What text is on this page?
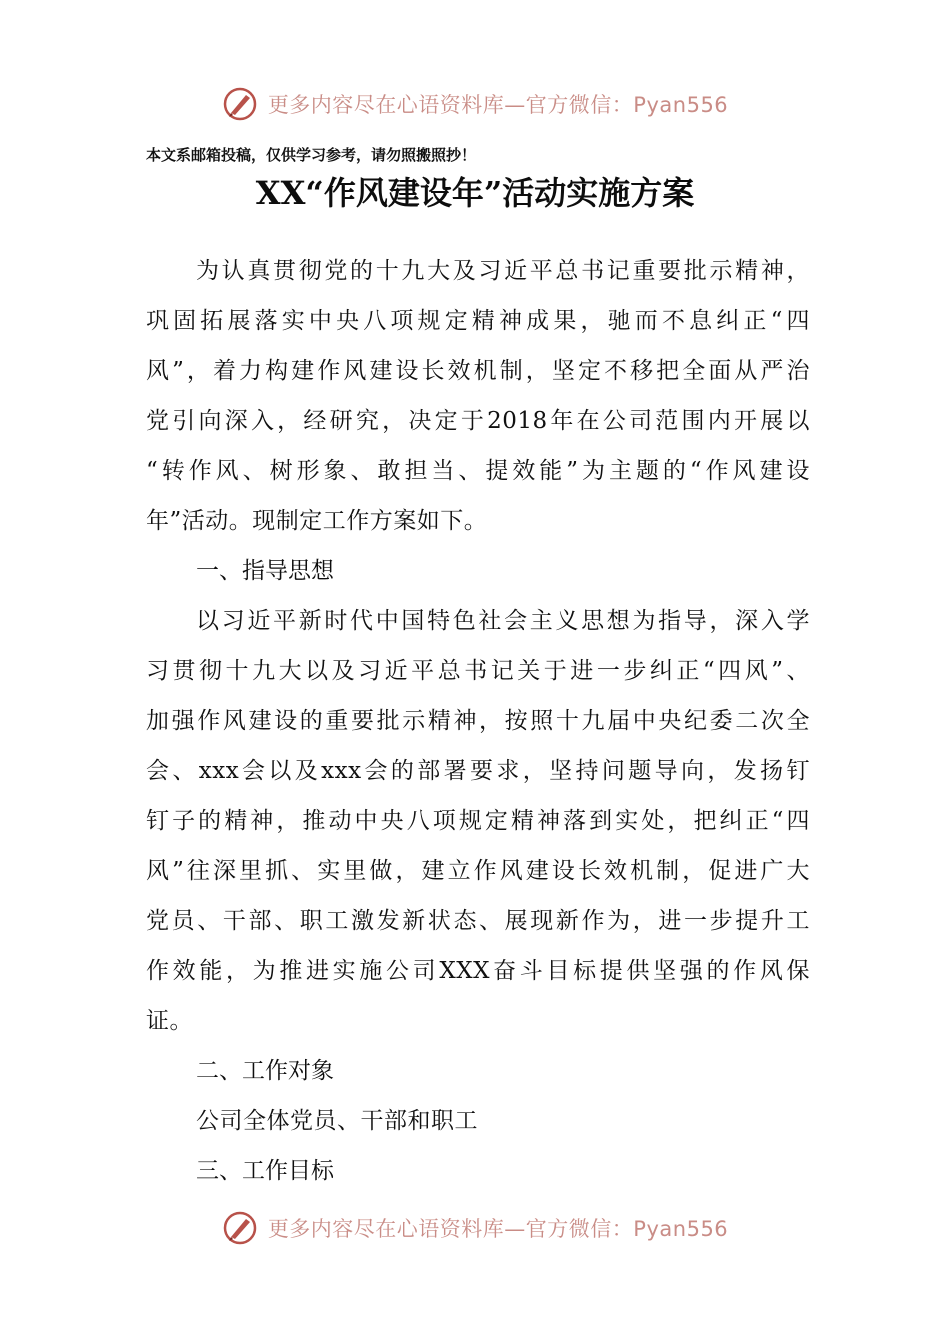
更多内容尽在心语资料库—官方微信：Pyan556
本文系邮箱投稿，仅供学习参考，请勿照搬照抄！
XX“作风建设年”活动实施方案
为认真贯彻党的十九大及习近平总书记重要批示精神，
巩固拓展落实中央八项规定精神成果，驰而不息纠正“四
风”，着力构建作风建设长效机制，坚定不移把全面从严治
党引向深入，经研究，决定于2018年在公司范围内开展以
“转作风、树形象、敢担当、提效能”为主题的“作风建设
年”活动。现制定工作方案如下。
一、指导思想
以习近平新时代中国特色社会主义思想为指导，深入学
习贯彻十九大以及习近平总书记关于进一步纠正“四风”、
加强作风建设的重要批示精神，按照十九届中央纪委二次全
会、xxx会以及xxx会的部署要求，坚持问题导向，发扬钉
钉子的精神，推动中央八项规定精神落到实处，把纠正“四
风”往深里抓、实里做，建立作风建设长效机制，促进广大
党员、干部、职工激发新状态、展现新作为，进一步提升工
作效能，为推进实施公司XXX奋斗目标提供坚强的作风保
证。
二、工作对象
公司全体党员、干部和职工
三、工作目标
更多内容尽在心语资料库—官方微信：Pyan556
